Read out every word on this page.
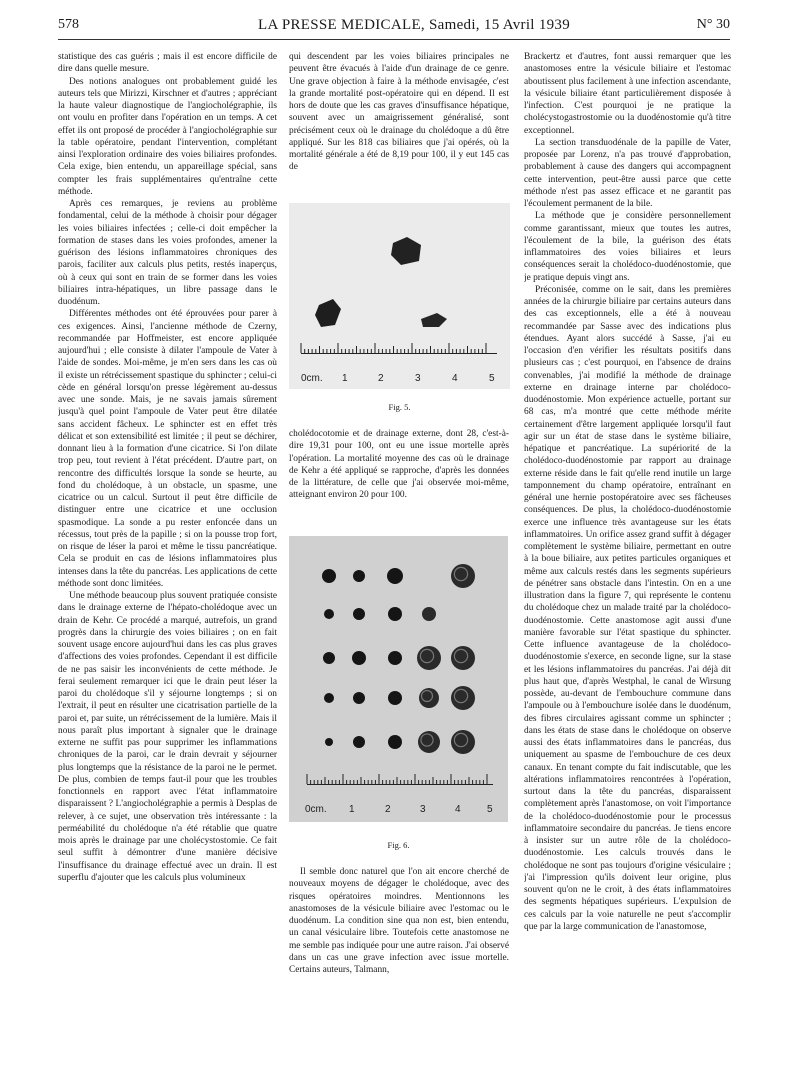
578	LA PRESSE MEDICALE, Samedi, 15 Avril 1939	N° 30

statistique des cas guéris ; mais il est encore difficile de dire dans quelle mesure.

Des notions analogues ont probablement guidé les auteurs tels que Mirizzi, Kirschner et d'autres ; appréciant la haute valeur diagnostique de l'angiocholégraphie, ils ont voulu en profiter dans l'opération en un temps. A cet effet ils ont proposé de procéder à l'angiocholégraphie sur la table opératoire, pendant l'intervention, complétant ainsi l'exploration ordinaire des voies biliaires profondes. Cela exige, bien entendu, un appareillage spécial, sans compter les frais supplémentaires qu'entraîne cette méthode.

Après ces remarques, je reviens au problème fondamental, celui de la méthode à choisir pour dégager les voies biliaires infectées ; celle-ci doit empêcher la formation de stases dans les voies profondes, amener la guérison des lésions inflammatoires chroniques des parois, faciliter aux calculs plus petits, restés inaperçus, où à ceux qui sont en train de se former dans les voies biliaires intra-hépatiques, un libre passage dans le duodénum.

Différentes méthodes ont été éprouvées pour parer à ces exigences. Ainsi, l'ancienne méthode de Czerny, recommandée par Hoffmeister, est encore appliquée aujourd'hui ; elle consiste à dilater l'ampoule de Vater à l'aide de sondes. Moi-même, je m'en sers dans les cas où il existe un rétrécissement spastique du sphincter ; celui-ci cède en général lorsqu'on presse légèrement au-dessus avec une sonde. Mais, je ne savais jamais sûrement jusqu'à quel point l'ampoule de Vater peut être dilatée sans accident fâcheux. Le sphincter est en effet très délicat et son extensibilité est limitée ; il peut se déchirer, donnant lieu à la formation d'une cicatrice. Si l'on dilate trop peu, tout revient à l'état précédent. D'autre part, on rencontre des difficultés lorsque la sonde se heurte, au fond du cholédoque, à un obstacle, un spasme, une cicatrice ou un calcul. Surtout il peut être difficile de distinguer entre une cicatrice et une occlusion spasmodique. La sonde a pu rester enfoncée dans un récessus, tout près de la papille ; si on la pousse trop fort, on risque de léser la paroi et même le tissu pancréatique. Cela se produit en cas de lésions inflammatoires plus intenses dans la tête du pancréas. Les applications de cette méthode sont donc limitées.

Une méthode beaucoup plus souvent pratiquée consiste dans le drainage externe de l'hépato-cholédoque avec un drain de Kehr. Ce procédé a marqué, autrefois, un grand progrès dans la chirurgie des voies biliaires ; on en fait souvent usage encore aujourd'hui dans les cas plus graves d'affections des voies profondes. Cependant il est difficile de ne pas saisir les inconvénients de cette méthode. Je ferai seulement remarquer ici que le drain peut léser la paroi du cholédoque s'il y séjourne longtemps ; si on l'extrait, il peut en résulter une cicatrisation partielle de la paroi et, par suite, un rétrécissement de la lumière. Mais il nous paraît plus important à signaler que le drainage externe ne suffit pas pour supprimer les inflammations chroniques de la paroi, car le drain devrait y séjourner plus longtemps que la résistance de la paroi ne le permet. De plus, combien de temps faut-il pour que les troubles fonctionnels en rapport avec l'état inflammatoire disparaissent ? L'angiocholégraphie a permis à Desplas de relever, à ce sujet, une observation très intéressante : la perméabilité du cholédoque n'a été rétablie que quatre mois après le drainage par une cholécystostomie. Ce fait seul suffit à démontrer d'une manière décisive l'insuffisance du drainage effectué avec un drain. Il est superflu d'ajouter que les calculs plus volumineux

qui descendent par les voies biliaires principales ne peuvent être évacués à l'aide d'un drainage de ce genre. Une grave objection à faire à la méthode envisagée, c'est la grande mortalité post-opératoire qui en dépend. Il est hors de doute que les cas graves d'insuffisance hépatique, souvent avec un amaigrissement généralisé, sont précisément ceux où le drainage du cholédoque a dû être appliqué. Sur les 818 cas biliaires que j'ai opérés, où la mortalité générale a été de 8,19 pour 100, il y eut 145 cas de

0cm. 1	2	3	4	5
Fig. 5.

cholédocotomie et de drainage externe, dont 28, c'est-à-dire 19,31 pour 100, ont eu une issue mortelle après l'opération. La mortalité moyenne des cas où le drainage de Kehr a été appliqué se rapproche, d'après les données de la littérature, de celle que j'ai observée moi-même, atteignant environ 20 pour 100.

0cm. 1	2	3	4	5
Fig. 6.

Il semble donc naturel que l'on ait encore cherché de nouveaux moyens de dégager le cholédoque, avec des risques opératoires moindres. Mentionnons les anastomoses de la vésicule biliaire avec l'estomac ou le duodénum. La condition sine qua non est, bien entendu, un canal vésiculaire libre. Toutefois cette anastomose ne me semble pas indiquée pour une autre raison. J'ai observé dans un cas une grave infection avec issue mortelle. Certains auteurs, Talmann,

Brackertz et d'autres, font aussi remarquer que les anastomoses entre la vésicule biliaire et l'estomac aboutissent plus facilement à une infection ascendante, la vésicule biliaire étant particulièrement disposée à l'infection. C'est pourquoi je ne pratique la cholécystogastrostomie ou la duodénostomie qu'à titre exceptionnel.

La section transduodénale de la papille de Vater, proposée par Lorenz, n'a pas trouvé d'approbation, probablement à cause des dangers qui accompagnent cette intervention, peut-être aussi parce que cette méthode n'est pas assez efficace et ne garantit pas l'écoulement permanent de la bile.

La méthode que je considère personnellement comme garantissant, mieux que toutes les autres, l'écoulement de la bile, la guérison des états inflammatoires des voies biliaires et leurs conséquences serait la cholédoco-duodénostomie, que je pratique depuis vingt ans.

Préconisée, comme on le sait, dans les premières années de la chirurgie biliaire par certains auteurs dans des cas exceptionnels, elle a été à nouveau recommandée par Sasse avec des indications plus étendues. Ayant alors succédé à Sasse, j'ai eu l'occasion d'en vérifier les résultats positifs dans plusieurs cas ; c'est pourquoi, en l'absence de drains convenables, j'ai modifié la méthode de drainage externe en drainage interne par cholédoco-duodénostomie. Mon expérience actuelle, portant sur 68 cas, m'a montré que cette méthode mérite certainement d'être largement appliquée lorsqu'il faut agir sur un état de stase dans le système biliaire, hépatique et pancréatique. La supériorité de la cholédoco-duodénostomie par rapport au drainage externe réside dans le fait qu'elle rend inutile un large tamponnement du champ opératoire, entraînant en général une hernie postopératoire avec ses fâcheuses conséquences. De plus, la cholédoco-duodénostomie exerce une influence très avantageuse sur les états inflammatoires. Un orifice assez grand suffit à dégager complètement le système biliaire, permettant en outre à la boue biliaire, aux petites particules organiques et même aux calculs restés dans les segments supérieurs de pénétrer sans obstacle dans l'intestin. On en a une illustration dans la figure 7, qui représente le contenu du cholédoque chez un malade traité par la cholédoco-duodénostomie. Cette anastomose agit aussi d'une manière favorable sur l'état spastique du sphincter. Cette influence avantageuse de la cholédoco-duodénostomie s'exerce, en seconde ligne, sur la stase et les lésions inflammatoires du pancréas. J'ai déjà dit plus haut que, d'après Westphal, le canal de Wirsung possède, au-devant de l'embouchure commune dans l'ampoule ou à l'embouchure isolée dans le duodénum, des fibres circulaires agissant comme un sphincter ; dans les états de stase dans le cholédoque on observe aussi des états inflammatoires dans le pancréas, dus uniquement au spasme de l'embouchure de ces deux canaux. En tenant compte du fait indiscutable, que les altérations inflammatoires rencontrées à l'opération, surtout dans la tête du pancréas, disparaissent complètement après l'anastomose, on voit l'importance de la cholédoco-duodénostomie pour le processus inflammatoire secondaire du pancréas. Je tiens encore à insister sur un autre rôle de la cholédoco-duodénostomie. Les calculs trouvés dans le cholédoque ne sont pas toujours d'origine vésiculaire ; j'ai l'impression qu'ils doivent leur origine, plus souvent qu'on ne le croit, à des états inflammatoires des segments hépatiques supérieurs. L'expulsion de ces calculs par la voie naturelle ne peut s'accomplir que par la large communication de l'anastomose,
